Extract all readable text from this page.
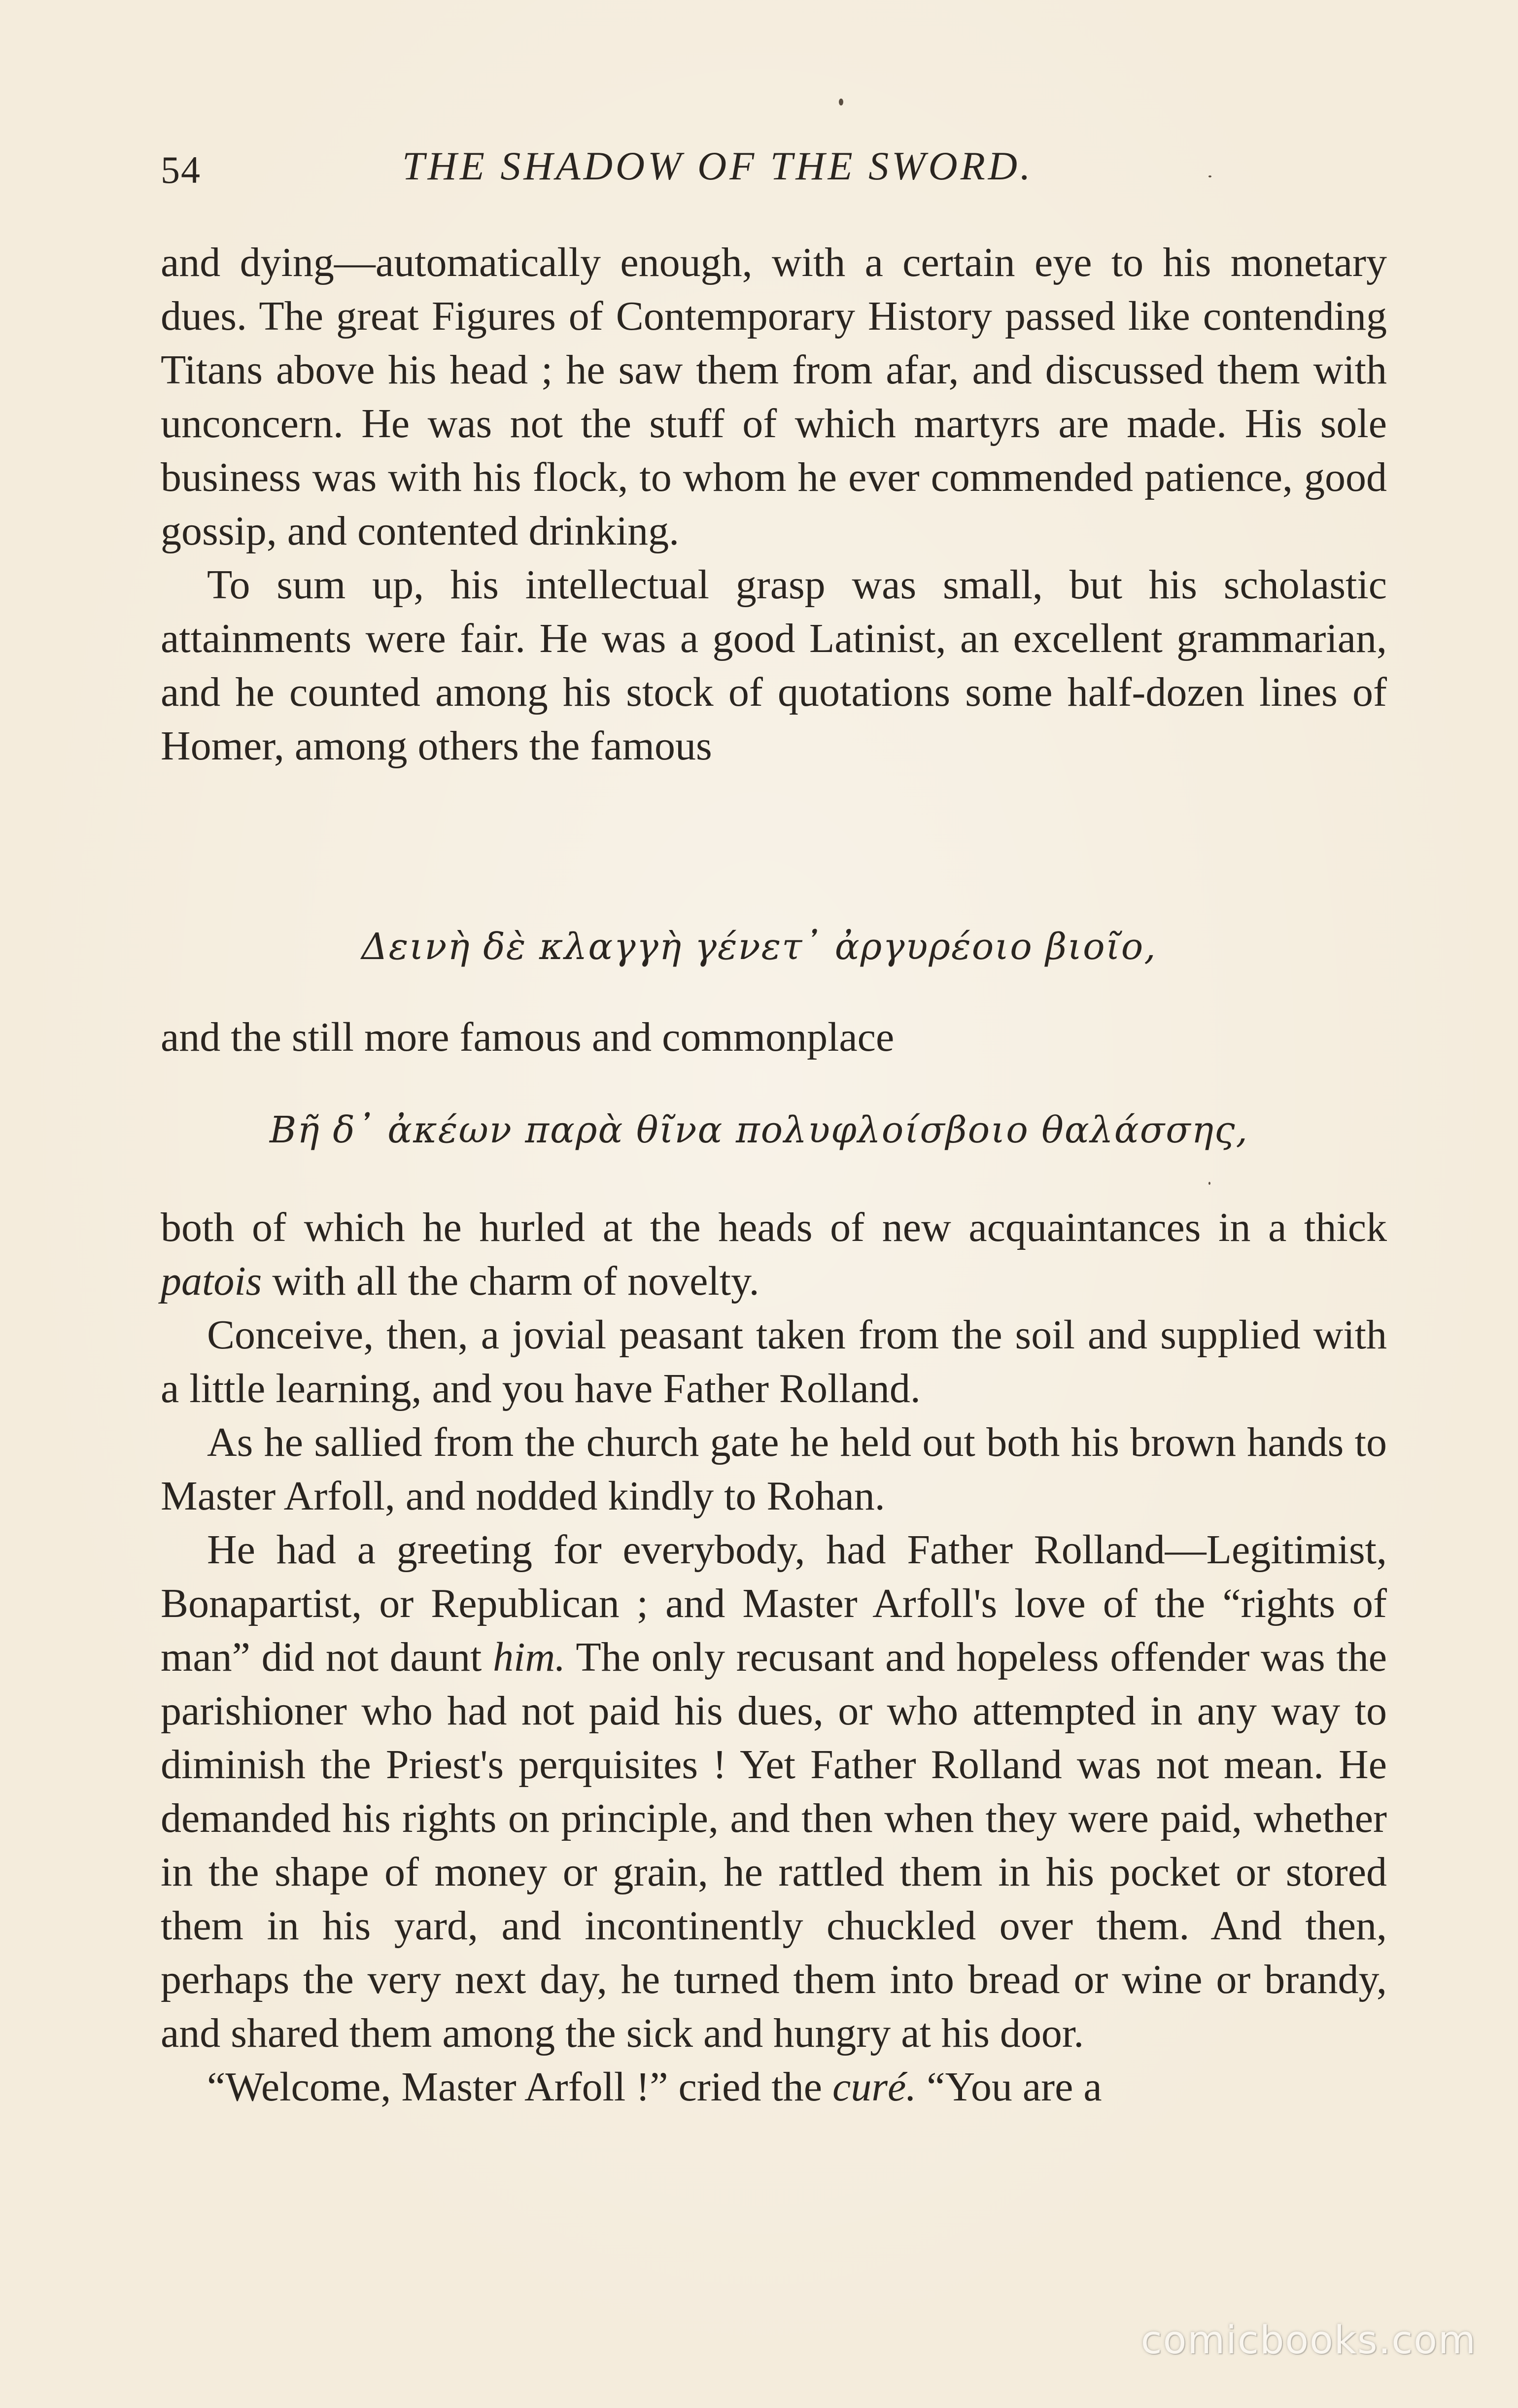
54	THE SHADOW OF THE SWORD.

and dying—automatically enough, with a certain eye to his monetary dues. The great Figures of Contemporary History passed like contending Titans above his head ; he saw them from afar, and discussed them with unconcern. He was not the stuff of which martyrs are made. His sole business was with his flock, to whom he ever commended patience, good gossip, and contented drinking.

To sum up, his intellectual grasp was small, but his scholastic attainments were fair. He was a good Latinist, an excellent grammarian, and he counted among his stock of quotations some half-dozen lines of Homer, among others the famous

Δεινὴ δὲ κλαγγὴ γένετ᾽ ἀργυρέοιο βιοῖο,
and the still more famous and commonplace
Βῆ δ᾽ ἀκέων παρὰ θῖνα πολυφλοίσβοιο θαλάσσης,

both of which he hurled at the heads of new acquaintances in a thick patois with all the charm of novelty.

Conceive, then, a jovial peasant taken from the soil and supplied with a little learning, and you have Father Rolland.

As he sallied from the church gate he held out both his brown hands to Master Arfoll, and nodded kindly to Rohan.

He had a greeting for everybody, had Father Rolland—Legitimist, Bonapartist, or Republican ; and Master Arfoll's love of the “rights of man” did not daunt him. The only recusant and hopeless offender was the parishioner who had not paid his dues, or who attempted in any way to diminish the Priest's perquisites ! Yet Father Rolland was not mean. He demanded his rights on principle, and then when they were paid, whether in the shape of money or grain, he rattled them in his pocket or stored them in his yard, and incontinently chuckled over them. And then, perhaps the very next day, he turned them into bread or wine or brandy, and shared them among the sick and hungry at his door.

“Welcome, Master Arfoll !” cried the curé. “You are a

comicbooks.com
